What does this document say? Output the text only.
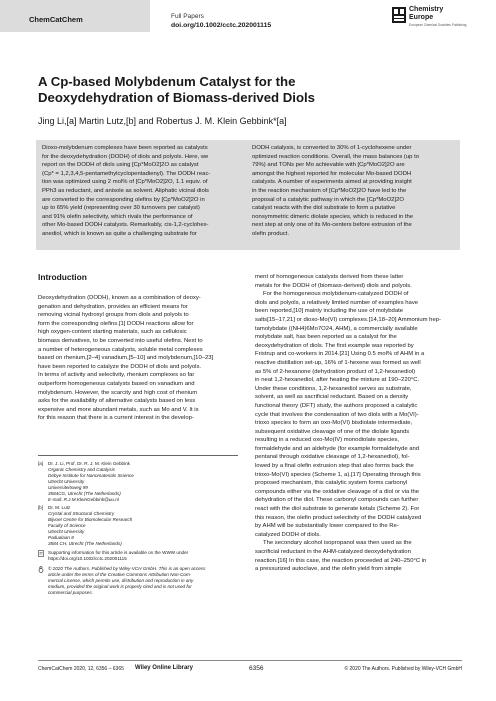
ChemCatChem	Full Papers
doi.org/10.1002/cctc.202001115
Chemistry
Europe
European Chemical Societies Publishing
A Cp-based Molybdenum Catalyst for the
Deoxydehydration of Biomass-derived Diols
Jing Li,[a] Martin Lutz,[b] and Robertus J. M. Klein Gebbink*[a]
Dioxo-molybdenum complexes have been reported as catalysts
for the deoxydehydration (DODH) of diols and polyols. Here, we
report on the DODH of diols using [Cp*MoO2]2O as catalyst
(Cp* = 1,2,3,4,5-pentamethylcyclopentadienyl). The DODH reac-
tion was optimized using 2 mol% of [Cp*MoO2]2O, 1.1 equiv. of
PPh3 as reductant, and anisole as solvent. Aliphatic vicinal diols
are converted to the corresponding olefins by [Cp*MoO2]2O in
up to 65% yield (representing over 30 turnovers per catalyst)
and 91% olefin selectivity, which rivals the performance of
other Mo-based DODH catalysts. Remarkably, cis-1,2-cyclohex-
anediol, which is known as quite a challenging substrate for
DODH catalysis, is converted to 30% of 1-cyclohexene under
optimized reaction conditions. Overall, the mass balances (up to
79%) and TONs per Mo achievable with [Cp*MoO2]2O are
amongst the highest reported for molecular Mo-based DODH
catalysts. A number of experiments aimed at providing insight
in the reaction mechanism of [Cp*MoO2]2O have led to the
proposal of a catalytic pathway in which the [Cp*MoO2]2O
catalyst reacts with the diol substrate to form a putative
nonsymmetric dimeric diolate species, which is reduced in the
next step at only one of its Mo-centers before extrusion of the
olefin product.
Introduction
Deoxydehydration (DODH), known as a combination of deoxy-
genation and dehydration, provides an efficient means for
removing vicinal hydroxyl groups from diols and polyols to
form the corresponding olefins.[1] DODH reactions allow for
high oxygen-content starting materials, such as cellulosic
biomass derivatives, to be converted into useful olefins. Next to
a number of heterogeneous catalysts, soluble metal complexes
based on rhenium,[2–4] vanadium,[5–10] and molybdenum,[10–23]
have been reported to catalyze the DODH of diols and polyols.
In terms of activity and selectivity, rhenium complexes so far
outperform homogeneous catalysts based on vanadium and
molybdenum. However, the scarcity and high cost of rhenium
asks for the availability of alternative catalysts based on less
expensive and more abundant metals, such as Mo and V. It is
for this reason that there is a current interest in the develop-
[a] Dr. J. Li, Prof. Dr. R. J. M. Klein Gebbink
Organic Chemistry and Catalysis
Debye Institute for Nanomaterials Science
Utrecht University
Universiteitsweg 99
3584CG, Utrecht (The Netherlands)
E-mail: R.J.M.KleinGebbink@uu.nl
[b] Dr. M. Lutz
Crystal and Structural Chemistry
Bijvoet Centre for Biomolecular Research
Faculty of Science
Utrecht University
Padualaan 8
3584 CH, Utrecht (The Netherlands)
Supporting information for this article is available on the WWW under
https://doi.org/10.1002/cctc.202001115
© 2020 The Authors. Published by Wiley-VCH GmbH. This is an open access
article under the terms of the Creative Commons Attribution Non-Com-
mercial License, which permits use, distribution and reproduction in any
medium, provided the original work is properly cited and is not used for
commercial purposes.

ment of homogeneous catalysts derived from these latter
metals for the DODH of (biomass-derived) diols and polyols.

For the homogeneous molybdenum-catalyzed DODH of
diols and polyols, a relatively limited number of examples have
been reported,[10] mainly including the use of molybdate
salts[15–17,21] or dioxo-Mo(VI) complexes.[14,18–20] Ammonium hep-
tamolybdate ((NH4)6Mo7O24, AHM), a commercially available
molybdate salt, has been reported as a catalyst for the
deoxydehydration of diols. The first example was reported by
Fristrup and co-workers in 2014.[21] Using 0.5 mol% of AHM in a
reactive distillation set-up, 16% of 1-hexene was formed as well
as 5% of 2-hexanone (dehydration product of 1,2-hexanediol)
in neat 1,2-hexanediol, after heating the mixture at 190–220°C.
Under these conditions, 1,2-hexanediol serves as substrate,
solvent, as well as sacrificial reductant. Based on a density
functional theory (DFT) study, the authors proposed a catalytic
cycle that involves the condensation of two diols with a Mo(VI)-
trioxo species to form an oxo-Mo(VI) bisdiolate intermediate,
subsequent oxidative cleavage of one of the diolate ligands
resulting in a reduced oxo-Mo(IV) monodiolate species,
formaldehyde and an aldehyde (for example formaldehyde and
pentanal through oxidative cleavage of 1,2-hexanediol), fol-
lowed by a final olefin extrusion step that also forms back the
trioxo-Mo(VI) species (Scheme 1, a).[17] Operating through this
proposed mechanism, this catalytic system forms carbonyl
compounds either via the oxidative cleavage of a diol or via the
dehydration of the diol. These carbonyl compounds can further
react with the diol substrate to generate ketals (Scheme 2). For
this reason, the olefin product selectivity of the DODH catalyzed
by AHM will be substantially lower compared to the Re-
catalyzed DODH of diols.
The secondary alcohol isopropanol was then used as the
sacrificial reductant in the AHM-catalyzed deoxydehydration
reaction.[16] In this case, the reaction proceeded at 240–250°C in
a pressurized autoclave, and the olefin yield from simple
ChemCatChem 2020, 12, 6356 – 6365 Wiley Online Library	6356	© 2020 The Authors. Published by Wiley-VCH GmbH
